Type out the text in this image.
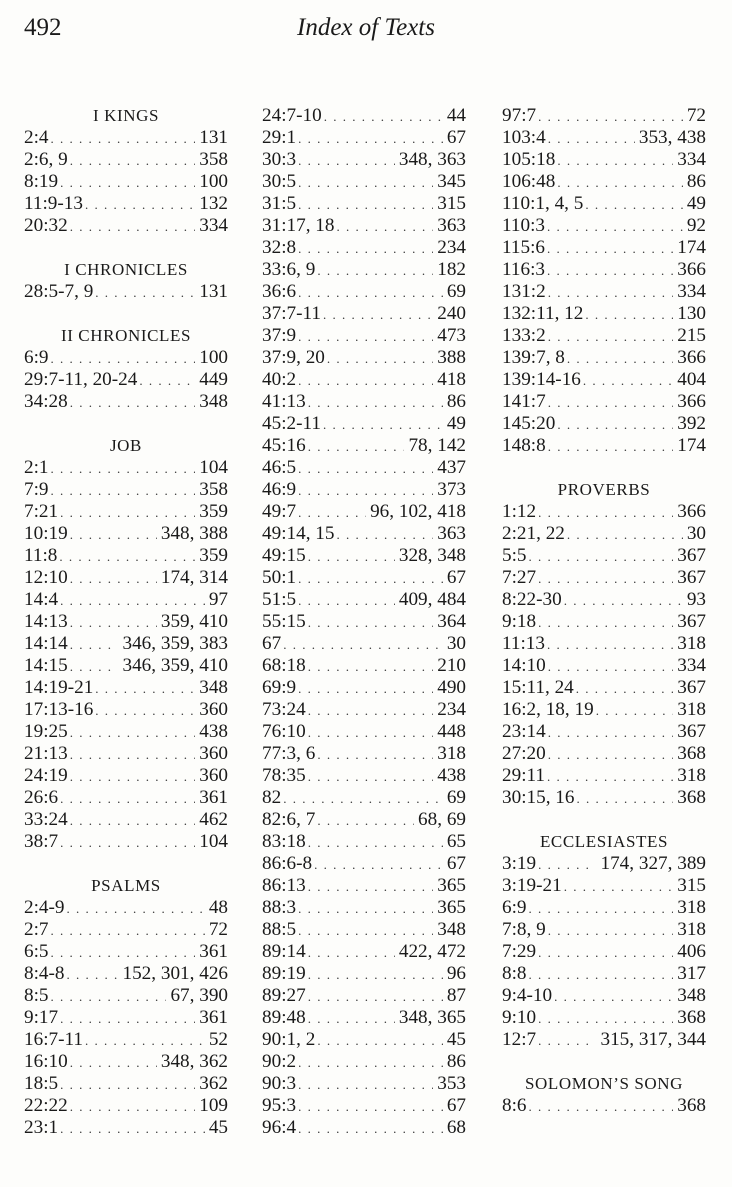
492	Index of Texts
I KINGS
2:4 . . .	131
2:6, 9 . . .	358
8:19 . . .	100
11:9-13 . . .	132
20:32 . . .	334
I CHRONICLES
28:5-7, 9 . . .	131
II CHRONICLES
6:9 . . .	100
29:7-11, 20-24 . . .	449
34:28 . . .	348
JOB
2:1 . . .	104
7:9 . . .	358
7:21 . . .	359
10:19 . . .	348, 388
11:8 . . .	359
12:10 . . .	174, 314
14:4 . . .	97
14:13 . . .	359, 410
14:14 . . .	346, 359, 383
14:15 . . .	346, 359, 410
14:19-21 . . .	348
17:13-16 . . .	360
19:25 . . .	438
21:13 . . .	360
24:19 . . .	360
26:6 . . .	361
33:24 . . .	462
38:7 . . .	104
PSALMS
2:4-9 . . .	48
2:7 . . .	72
6:5 . . .	361
8:4-8 . . .	152, 301, 426
8:5 . . .	67, 390
9:17 . . .	361
16:7-11 . . .	52
16:10 . . .	348, 362
18:5 . . .	362
22:22 . . .	109
23:1 . . .	45
24:7-10 . . .	44
29:1 . . .	67
30:3 . . .	348, 363
30:5 . . .	345
31:5 . . .	315
31:17, 18 . . .	363
32:8 . . .	234
33:6, 9 . . .	182
36:6 . . .	69
37:7-11 . . .	240
37:9 . . .	473
37:9, 20 . . .	388
40:2 . . .	418
41:13 . . .	86
45:2-11 . . .	49
45:16 . . .	78, 142
46:5 . . .	437
46:9 . . .	373
49:7 . . .	96, 102, 418
49:14, 15 . . .	363
49:15 . . .	328, 348
50:1 . . .	67
51:5 . . .	409, 484
55:15 . . .	364
67 . . .	30
68:18 . . .	210
69:9 . . .	490
73:24 . . .	234
76:10 . . .	448
77:3, 6 . . .	318
78:35 . . .	438
82 . . .	69
82:6, 7 . . .	68, 69
83:18 . . .	65
86:6-8 . . .	67
86:13 . . .	365
88:3 . . .	365
88:5 . . .	348
89:14 . . .	422, 472
89:19 . . .	96
89:27 . . .	87
89:48 . . .	348, 365
90:1, 2 . . .	45
90:2 . . .	86
90:3 . . .	353
95:3 . . .	67
96:4 . . .	68
97:7 . . .	72
103:4 . . .	353, 438
105:18 . . .	334
106:48 . . .	86
110:1, 4, 5 . . .	49
110:3 . . .	92
115:6 . . .	174
116:3 . . .	366
131:2 . . .	334
132:11, 12 . . .	130
133:2 . . .	215
139:7, 8 . . .	366
139:14-16 . . .	404
141:7 . . .	366
145:20 . . .	392
148:8 . . .	174
PROVERBS
1:12 . . .	366
2:21, 22 . . .	30
5:5 . . .	367
7:27 . . .	367
8:22-30 . . .	93
9:18 . . .	367
11:13 . . .	318
14:10 . . .	334
15:11, 24 . . .	367
16:2, 18, 19 . . .	318
23:14 . . .	367
27:20 . . .	368
29:11 . . .	318
30:15, 16 . . .	368
ECCLESIASTES
3:19 . . .	174, 327, 389
3:19-21 . . .	315
6:9 . . .	318
7:8, 9 . . .	318
7:29 . . .	406
8:8 . . .	317
9:4-10 . . .	348
9:10 . . .	368
12:7 . . .	315, 317, 344
SOLOMON’S SONG
8:6 . . .	368
